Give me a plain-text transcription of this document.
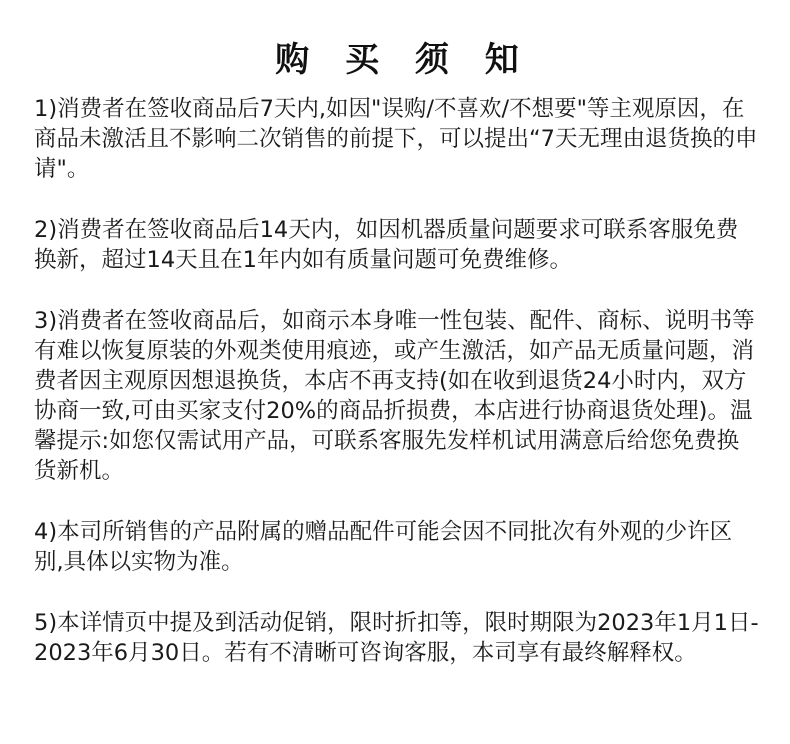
购 买 须 知
1)消费者在签收商品后7天内,如因"误购/不喜欢/不想要"等主观原因，在商品未激活且不影响二次销售的前提下，可以提出“7天无理由退货换的申请"。
2)消费者在签收商品后14天内，如因机器质量问题要求可联系客服免费换新，超过14天且在1年内如有质量问题可免费维修。
3)消费者在签收商品后，如商示本身唯一性包装、配件、商标、说明书等有难以恢复原装的外观类使用痕迹，或产生激活，如产品无质量问题，消费者因主观原因想退换货，本店不再支持(如在收到退货24小时内，双方协商一致,可由买家支付20%的商品折损费，本店进行协商退货处理)。温馨提示:如您仅需试用产品，可联系客服先发样机试用满意后给您免费换货新机。
4)本司所销售的产品附属的赠品配件可能会因不同批次有外观的少许区别,具体以实物为准。
5)本详情页中提及到活动促销，限时折扣等，限时期限为2023年1月1日-2023年6月30日。若有不清晰可咨询客服，本司享有最终解释权。
